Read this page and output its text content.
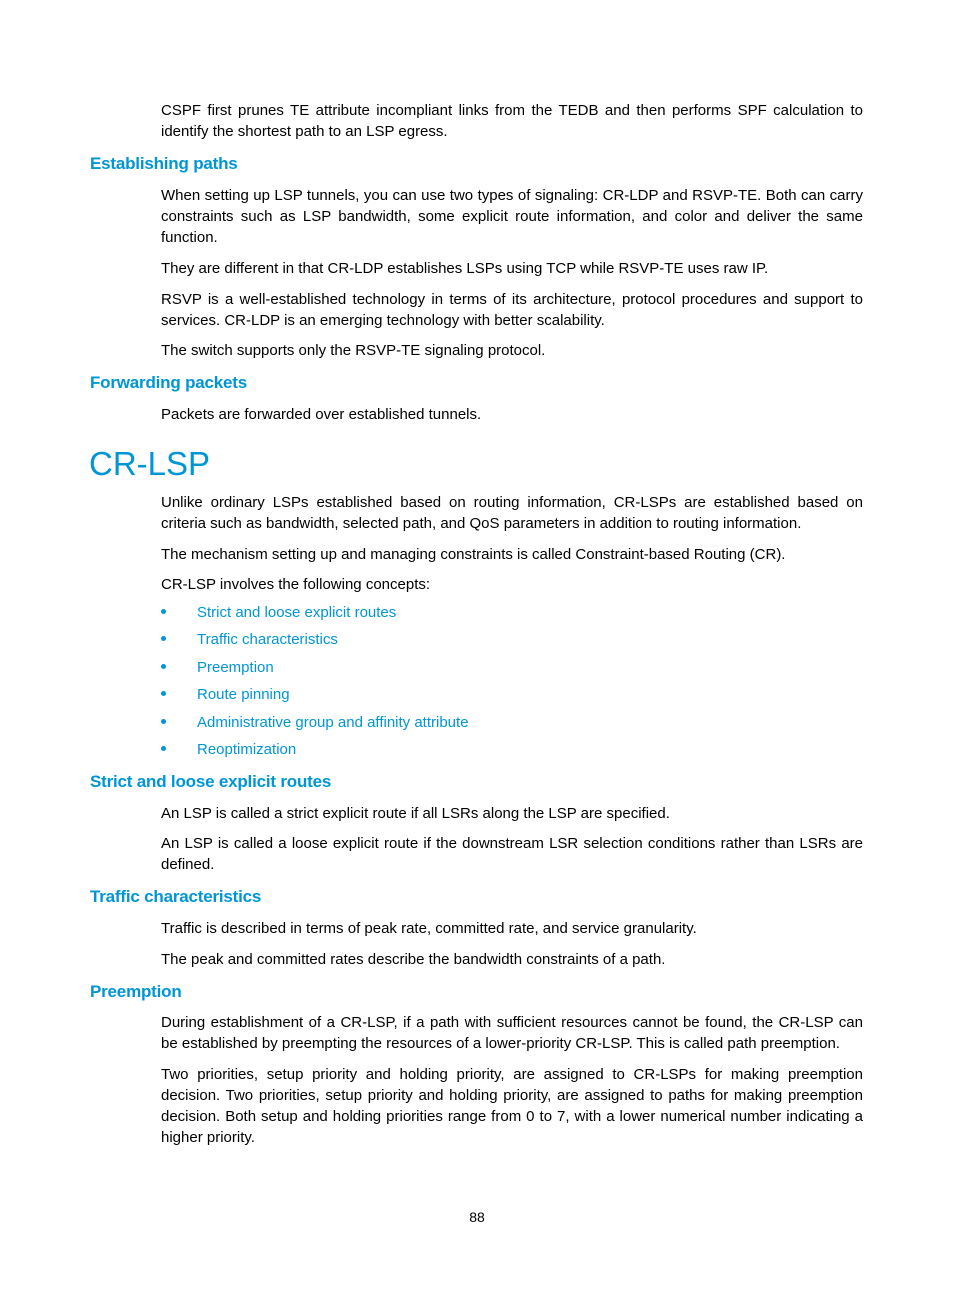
CSPF first prunes TE attribute incompliant links from the TEDB and then performs SPF calculation to identify the shortest path to an LSP egress.

Establishing paths

When setting up LSP tunnels, you can use two types of signaling: CR-LDP and RSVP-TE. Both can carry constraints such as LSP bandwidth, some explicit route information, and color and deliver the same function.

They are different in that CR-LDP establishes LSPs using TCP while RSVP-TE uses raw IP.

RSVP is a well-established technology in terms of its architecture, protocol procedures and support to services. CR-LDP is an emerging technology with better scalability.

The switch supports only the RSVP-TE signaling protocol.

Forwarding packets

Packets are forwarded over established tunnels.

CR-LSP

Unlike ordinary LSPs established based on routing information, CR-LSPs are established based on criteria such as bandwidth, selected path, and QoS parameters in addition to routing information.

The mechanism setting up and managing constraints is called Constraint-based Routing (CR).

CR-LSP involves the following concepts:

Strict and loose explicit routes
Traffic characteristics
Preemption
Route pinning
Administrative group and affinity attribute
Reoptimization
Strict and loose explicit routes

An LSP is called a strict explicit route if all LSRs along the LSP are specified.

An LSP is called a loose explicit route if the downstream LSR selection conditions rather than LSRs are defined.

Traffic characteristics

Traffic is described in terms of peak rate, committed rate, and service granularity.

The peak and committed rates describe the bandwidth constraints of a path.

Preemption

During establishment of a CR-LSP, if a path with sufficient resources cannot be found, the CR-LSP can be established by preempting the resources of a lower-priority CR-LSP. This is called path preemption.

Two priorities, setup priority and holding priority, are assigned to CR-LSPs for making preemption decision. Two priorities, setup priority and holding priority, are assigned to paths for making preemption decision. Both setup and holding priorities range from 0 to 7, with a lower numerical number indicating a higher priority.

88
